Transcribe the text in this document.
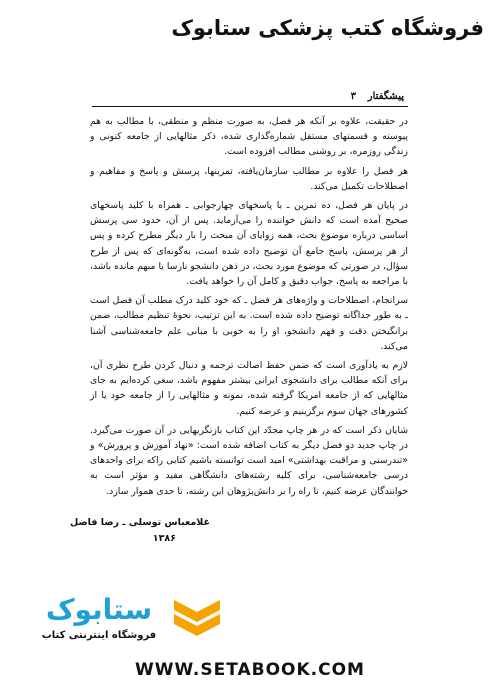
فروشگاه کتب پزشکی ستابوک
پیشگفتار
۳

در حقیقت، علاوه بر آنکه هر فصل، به صورت منظم و منطقی، با مطالب به هم پیوسته و قسمتهای مستقل شماره‌گذاری شده، ذکر مثالهایی از جامعه کنونی و زندگی روزمره، بر روشنی مطالب افزوده است.

هر فصل را علاوه بر مطالب سازمان‌یافته، تمرینها، پرسش و پاسخ و مفاهیم و اصطلاحات تکمیل می‌کند.

در پایان هر فصل، ده تمرین ـ با پاسخهای چهارجوابی ـ همراه با کلید پاسخهای صحیح آمده است که دانش خواننده را می‌آزماید. پس از آن، حدود سی پرسش اساسی درباره موضوع بحث، همه زوایای آن مبحث را بار دیگر مطرح کرده و پس از هر پرسش، پاسخ جامع آن توضیح داده شده است، به‌گونه‌ای که پس از طرح سؤال، در صورتی که موضوع مورد بحث، در ذهن دانشجو نارسا یا مبهم مانده باشد، با مراجعه به پاسخ، جواب دقیق و کامل آن را خواهد یافت.

سرانجام، اصطلاحات و واژه‌های هر فصل ـ که خود کلید درک مطلب آن فصل است ـ به طور جداگانه توضیح داده شده است. به این ترتیب، نحوهٔ تنظیم مطالب، ضمن برانگیختن دقت و فهم دانشجو، او را به خوبی با مبانی علم جامعه‌شناسی آشنا می‌کند.

لازم به یادآوری است که ضمن حفظ اصالت ترجمه و دنبال کردن طرح نظری آن، برای آنکه مطالب برای دانشجوی ایرانی بیشتر مفهوم باشد، سعی کرده‌ایم به جای مثالهایی که از جامعه امریکا گرفته شده، نمونه و مثالهایی را از جامعه خود یا از کشورهای جهان سوم برگزینیم و عرضه کنیم.

شایان ذکر است که در هر چاپ مجدّد این کتاب بازنگریهایی در آن صورت می‌گیرد. در چاپ جدید دو فصل دیگر به کتاب اضافه شده است: «نهاد آموزش و پرورش» و «تندرستی و مراقبت بهداشتی» امید است توانسته باشیم کتابی راکه برای واحدهای درسی جامعه‌شناسی، برای کلیه رشته‌های دانشگاهی مفید و مؤثر است به خوانندگان عرضه کنیم، تا راه را بر دانش‌پژوهان این رشته، تا حدی هموار سازد.

غلامعباس توسلی ـ رضا فاضل
۱۳۸۶
ستابوک
فروشگاه اینترنتی کتاب
WWW.SETABOOK.COM
